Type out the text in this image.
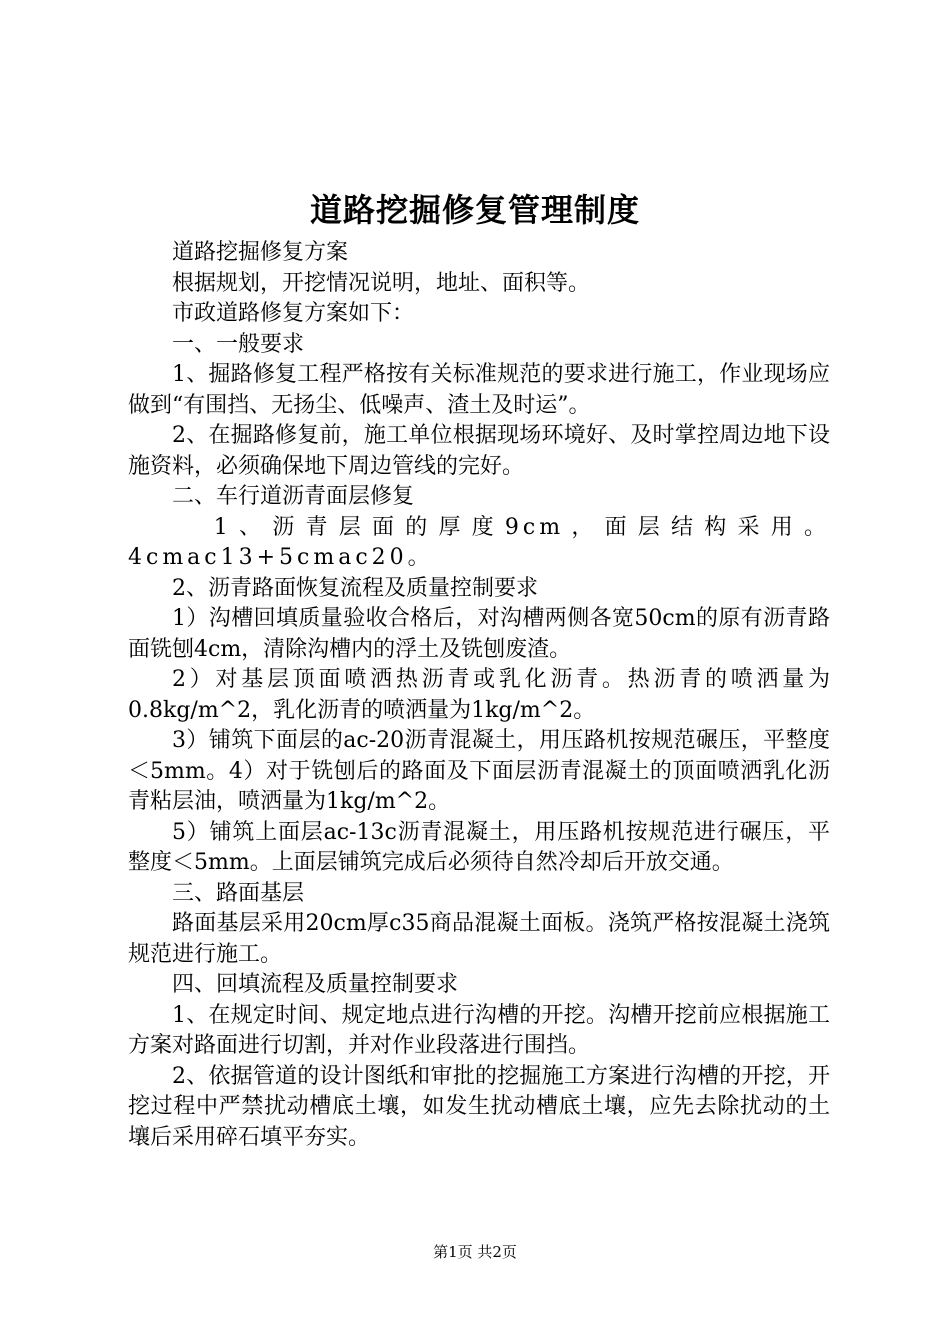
道路挖掘修复管理制度

道路挖掘修复方案

根据规划，开挖情况说明，地址、面积等。

市政道路修复方案如下：

一、一般要求

1、掘路修复工程严格按有关标准规范的要求进行施工，作业现场应做到“有围挡、无扬尘、低噪声、渣土及时运”。

2、在掘路修复前，施工单位根据现场环境好、及时掌控周边地下设施资料，必须确保地下周边管线的完好。

二、车行道沥青面层修复

1、沥青层面的厚度9cm，面层结构采用。4cmac13+5cmac20。

2、沥青路面恢复流程及质量控制要求

1）沟槽回填质量验收合格后，对沟槽两侧各宽50cm的原有沥青路面铣刨4cm，清除沟槽内的浮土及铣刨废渣。

2）对基层顶面喷洒热沥青或乳化沥青。热沥青的喷洒量为0.8kg/m^2，乳化沥青的喷洒量为1kg/m^2。

3）铺筑下面层的ac-20沥青混凝土，用压路机按规范碾压，平整度＜5mm。4）对于铣刨后的路面及下面层沥青混凝土的顶面喷洒乳化沥青粘层油，喷洒量为1kg/m^2。

5）铺筑上面层ac-13c沥青混凝土，用压路机按规范进行碾压，平整度＜5mm。上面层铺筑完成后必须待自然冷却后开放交通。

三、路面基层

路面基层采用20cm厚c35商品混凝土面板。浇筑严格按混凝土浇筑规范进行施工。

四、回填流程及质量控制要求

1、在规定时间、规定地点进行沟槽的开挖。沟槽开挖前应根据施工方案对路面进行切割，并对作业段落进行围挡。

2、依据管道的设计图纸和审批的挖掘施工方案进行沟槽的开挖，开挖过程中严禁扰动槽底土壤，如发生扰动槽底土壤，应先去除扰动的土壤后采用碎石填平夯实。

第1页 共2页
